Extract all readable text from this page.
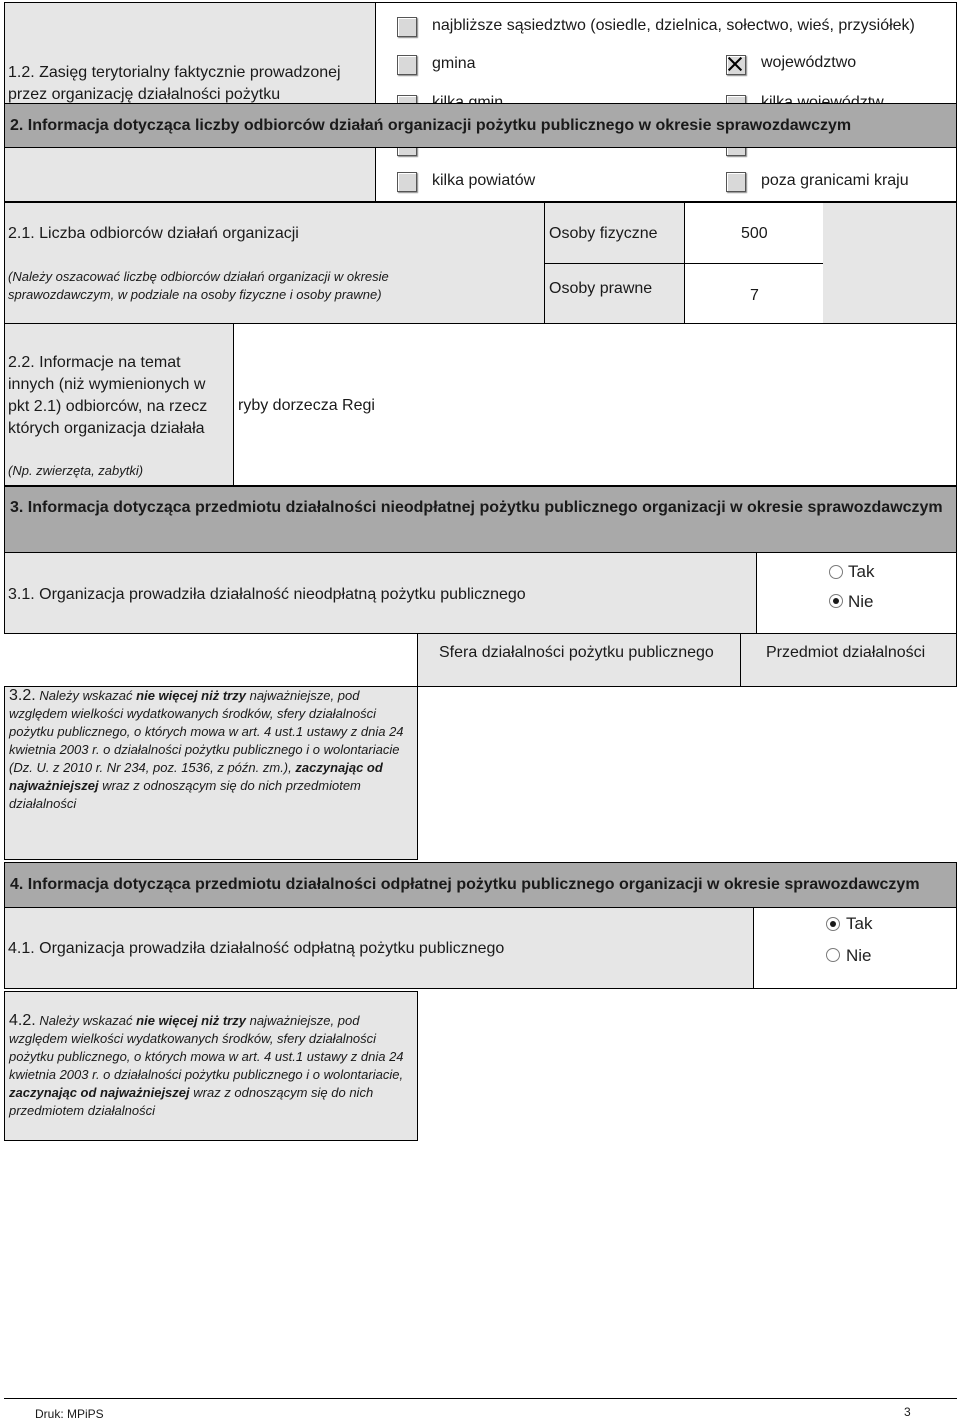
1.2. Zasięg terytorialny faktycznie prowadzonej przez organizację działalności pożytku
najbliższe sąsiedztwo (osiedle, dzielnica, sołectwo, wieś, przysiółek)
gmina	województwo
kilka powiatów	poza granicami kraju
2. Informacja dotycząca liczby odbiorców działań organizacji pożytku publicznego w okresie sprawozdawczym
2.1. Liczba odbiorców działań organizacji
(Należy oszacować liczbę odbiorców działań organizacji w okresie sprawozdawczym, w podziale na osoby fizyczne i osoby prawne)
Osoby fizyczne	500
Osoby prawne	7
2.2. Informacje na temat innych (niż wymienionych w pkt 2.1) odbiorców, na rzecz których organizacja działała
(Np. zwierzęta, zabytki)
ryby dorzecza Regi
3. Informacja dotycząca przedmiotu działalności nieodpłatnej pożytku publicznego organizacji w okresie sprawozdawczym
3.1. Organizacja prowadziła działalność nieodpłatną pożytku publicznego
Tak
Nie
Sfera działalności pożytku publicznego	Przedmiot działalności
3.2. Należy wskazać nie więcej niż trzy najważniejsze, pod względem wielkości wydatkowanych środków, sfery działalności pożytku publicznego, o których mowa w art. 4 ust.1 ustawy z dnia 24 kwietnia 2003 r. o działalności pożytku publicznego i o wolontariacie (Dz. U. z 2010 r. Nr 234, poz. 1536, z późn. zm.), zaczynając od najważniejszej wraz z odnoszącym się do nich przedmiotem działalności
4. Informacja dotycząca przedmiotu działalności odpłatnej pożytku publicznego organizacji w okresie sprawozdawczym
4.1. Organizacja prowadziła działalność odpłatną pożytku publicznego
Tak
Nie
4.2. Należy wskazać nie więcej niż trzy najważniejsze, pod względem wielkości wydatkowanych środków, sfery działalności pożytku publicznego, o których mowa w art. 4 ust.1 ustawy z dnia 24 kwietnia 2003 r. o działalności pożytku publicznego i o wolontariacie, zaczynając od najważniejszej wraz z odnoszącym się do nich przedmiotem działalności
Druk: MPiPS	3
